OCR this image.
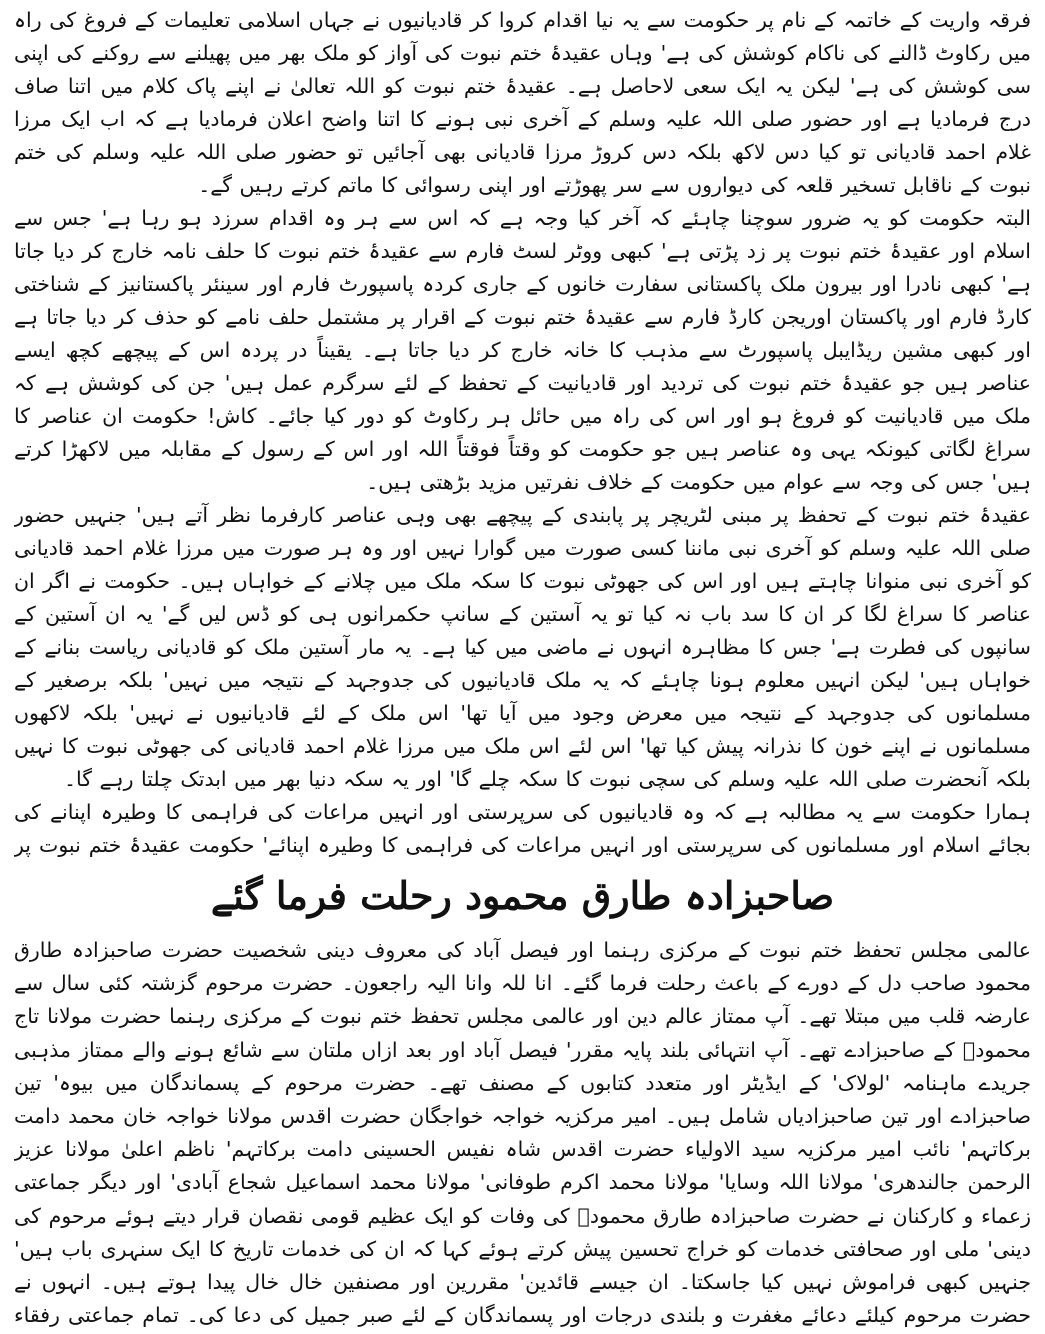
فرقہ واریت کے خاتمہ کے نام پر حکومت سے یہ نیا اقدام کروا کر قادیانیوں نے جہاں اسلامی تعلیمات کے فروغ کی راہ میں رکاوٹ ڈالنے کی ناکام کوشش کی ہے' وہاں عقیدۂ ختم نبوت کی آواز کو ملک بھر میں پھیلنے سے روکنے کی اپنی سی کوشش کی ہے' لیکن یہ ایک سعی لاحاصل ہے۔ عقیدۂ ختم نبوت کو اللہ تعالیٰ نے اپنے پاک کلام میں اتنا صاف درج فرمادیا ہے اور حضور صلی اللہ علیہ وسلم کے آخری نبی ہونے کا اتنا واضح اعلان فرمادیا ہے کہ اب ایک مرزا غلام احمد قادیانی تو کیا دس لاکھ بلکہ دس کروڑ مرزا قادیانی بھی آجائیں تو حضور صلی اللہ علیہ وسلم کی ختم نبوت کے ناقابل تسخیر قلعہ کی دیواروں سے سر پھوڑتے اور اپنی رسوائی کا ماتم کرتے رہیں گے۔

البتہ حکومت کو یہ ضرور سوچنا چاہئے کہ آخر کیا وجہ ہے کہ اس سے ہر وہ اقدام سرزد ہو رہا ہے' جس سے اسلام اور عقیدۂ ختم نبوت پر زد پڑتی ہے' کبھی ووٹر لسٹ فارم سے عقیدۂ ختم نبوت کا حلف نامہ خارج کر دیا جاتا ہے' کبھی نادرا اور بیرون ملک پاکستانی سفارت خانوں کے جاری کردہ پاسپورٹ فارم اور سینئر پاکستانیز کے شناختی کارڈ فارم اور پاکستان اوریجن کارڈ فارم سے عقیدۂ ختم نبوت کے اقرار پر مشتمل حلف نامے کو حذف کر دیا جاتا ہے اور کبھی مشین ریڈایبل پاسپورٹ سے مذہب کا خانہ خارج کر دیا جاتا ہے۔ یقیناً در پردہ اس کے پیچھے کچھ ایسے عناصر ہیں جو عقیدۂ ختم نبوت کی تردید اور قادیانیت کے تحفظ کے لئے سرگرم عمل ہیں' جن کی کوشش ہے کہ ملک میں قادیانیت کو فروغ ہو اور اس کی راہ میں حائل ہر رکاوٹ کو دور کیا جائے۔ کاش! حکومت ان عناصر کا سراغ لگاتی کیونکہ یہی وہ عناصر ہیں جو حکومت کو وقتاً فوقتاً اللہ اور اس کے رسول کے مقابلہ میں لاکھڑا کرتے ہیں' جس کی وجہ سے عوام میں حکومت کے خلاف نفرتیں مزید بڑھتی ہیں۔

عقیدۂ ختم نبوت کے تحفظ پر مبنی لٹریچر پر پابندی کے پیچھے بھی وہی عناصر کارفرما نظر آتے ہیں' جنہیں حضور صلی اللہ علیہ وسلم کو آخری نبی ماننا کسی صورت میں گوارا نہیں اور وہ ہر صورت میں مرزا غلام احمد قادیانی کو آخری نبی منوانا چاہتے ہیں اور اس کی جھوٹی نبوت کا سکہ ملک میں چلانے کے خواہاں ہیں۔ حکومت نے اگر ان عناصر کا سراغ لگا کر ان کا سد باب نہ کیا تو یہ آستین کے سانپ حکمرانوں ہی کو ڈس لیں گے' یہ ان آستین کے سانپوں کی فطرت ہے' جس کا مظاہرہ انہوں نے ماضی میں کیا ہے۔ یہ مار آستین ملک کو قادیانی ریاست بنانے کے خواہاں ہیں' لیکن انہیں معلوم ہونا چاہئے کہ یہ ملک قادیانیوں کی جدوجہد کے نتیجہ میں نہیں' بلکہ برصغیر کے مسلمانوں کی جدوجہد کے نتیجہ میں معرض وجود میں آیا تھا' اس ملک کے لئے قادیانیوں نے نہیں' بلکہ لاکھوں مسلمانوں نے اپنے خون کا نذرانہ پیش کیا تھا' اس لئے اس ملک میں مرزا غلام احمد قادیانی کی جھوٹی نبوت کا نہیں بلکہ آنحضرت صلی اللہ علیہ وسلم کی سچی نبوت کا سکہ چلے گا' اور یہ سکہ دنیا بھر میں ابدتک چلتا رہے گا۔

ہمارا حکومت سے یہ مطالبہ ہے کہ وہ قادیانیوں کی سرپرستی اور انہیں مراعات کی فراہمی کا وطیرہ اپنانے کی بجائے اسلام اور مسلمانوں کی سرپرستی اور انہیں مراعات کی فراہمی کا وطیرہ اپنائے' حکومت عقیدۂ ختم نبوت پر

صاحبزادہ طارق محمود رحلت فرما گئے

عالمی مجلس تحفظ ختم نبوت کے مرکزی رہنما اور فیصل آباد کی معروف دینی شخصیت حضرت صاحبزادہ طارق محمود صاحب دل کے دورے کے باعث رحلت فرما گئے۔ انا للہ وانا الیہ راجعون۔ حضرت مرحوم گزشتہ کئی سال سے عارضہ قلب میں مبتلا تھے۔ آپ ممتاز عالم دین اور عالمی مجلس تحفظ ختم نبوت کے مرکزی رہنما حضرت مولانا تاج محمودؒ کے صاحبزادے تھے۔ آپ انتہائی بلند پایہ مقرر' فیصل آباد اور بعد ازاں ملتان سے شائع ہونے والے ممتاز مذہبی جریدے ماہنامہ 'لولاک' کے ایڈیٹر اور متعدد کتابوں کے مصنف تھے۔ حضرت مرحوم کے پسماندگان میں بیوہ' تین صاحبزادے اور تین صاحبزادیاں شامل ہیں۔ امیر مرکزیہ خواجہ خواجگان حضرت اقدس مولانا خواجہ خان محمد دامت برکاتہم' نائب امیر مرکزیہ سید الاولیاء حضرت اقدس شاہ نفیس الحسینی دامت برکاتہم' ناظم اعلیٰ مولانا عزیز الرحمن جالندھری' مولانا اللہ وسایا' مولانا محمد اکرم طوفانی' مولانا محمد اسماعیل شجاع آبادی' اور دیگر جماعتی زعماء و کارکنان نے حضرت صاحبزادہ طارق محمودؒ کی وفات کو ایک عظیم قومی نقصان قرار دیتے ہوئے مرحوم کی دینی' ملی اور صحافتی خدمات کو خراج تحسین پیش کرتے ہوئے کہا کہ ان کی خدمات تاریخ کا ایک سنہری باب ہیں' جنہیں کبھی فراموش نہیں کیا جاسکتا۔ ان جیسے قائدین' مقررین اور مصنفین خال خال پیدا ہوتے ہیں۔ انہوں نے حضرت مرحوم کیلئے دعائے مغفرت و بلندی درجات اور پسماندگان کے لئے صبر جمیل کی دعا کی۔ تمام جماعتی رفقاء
